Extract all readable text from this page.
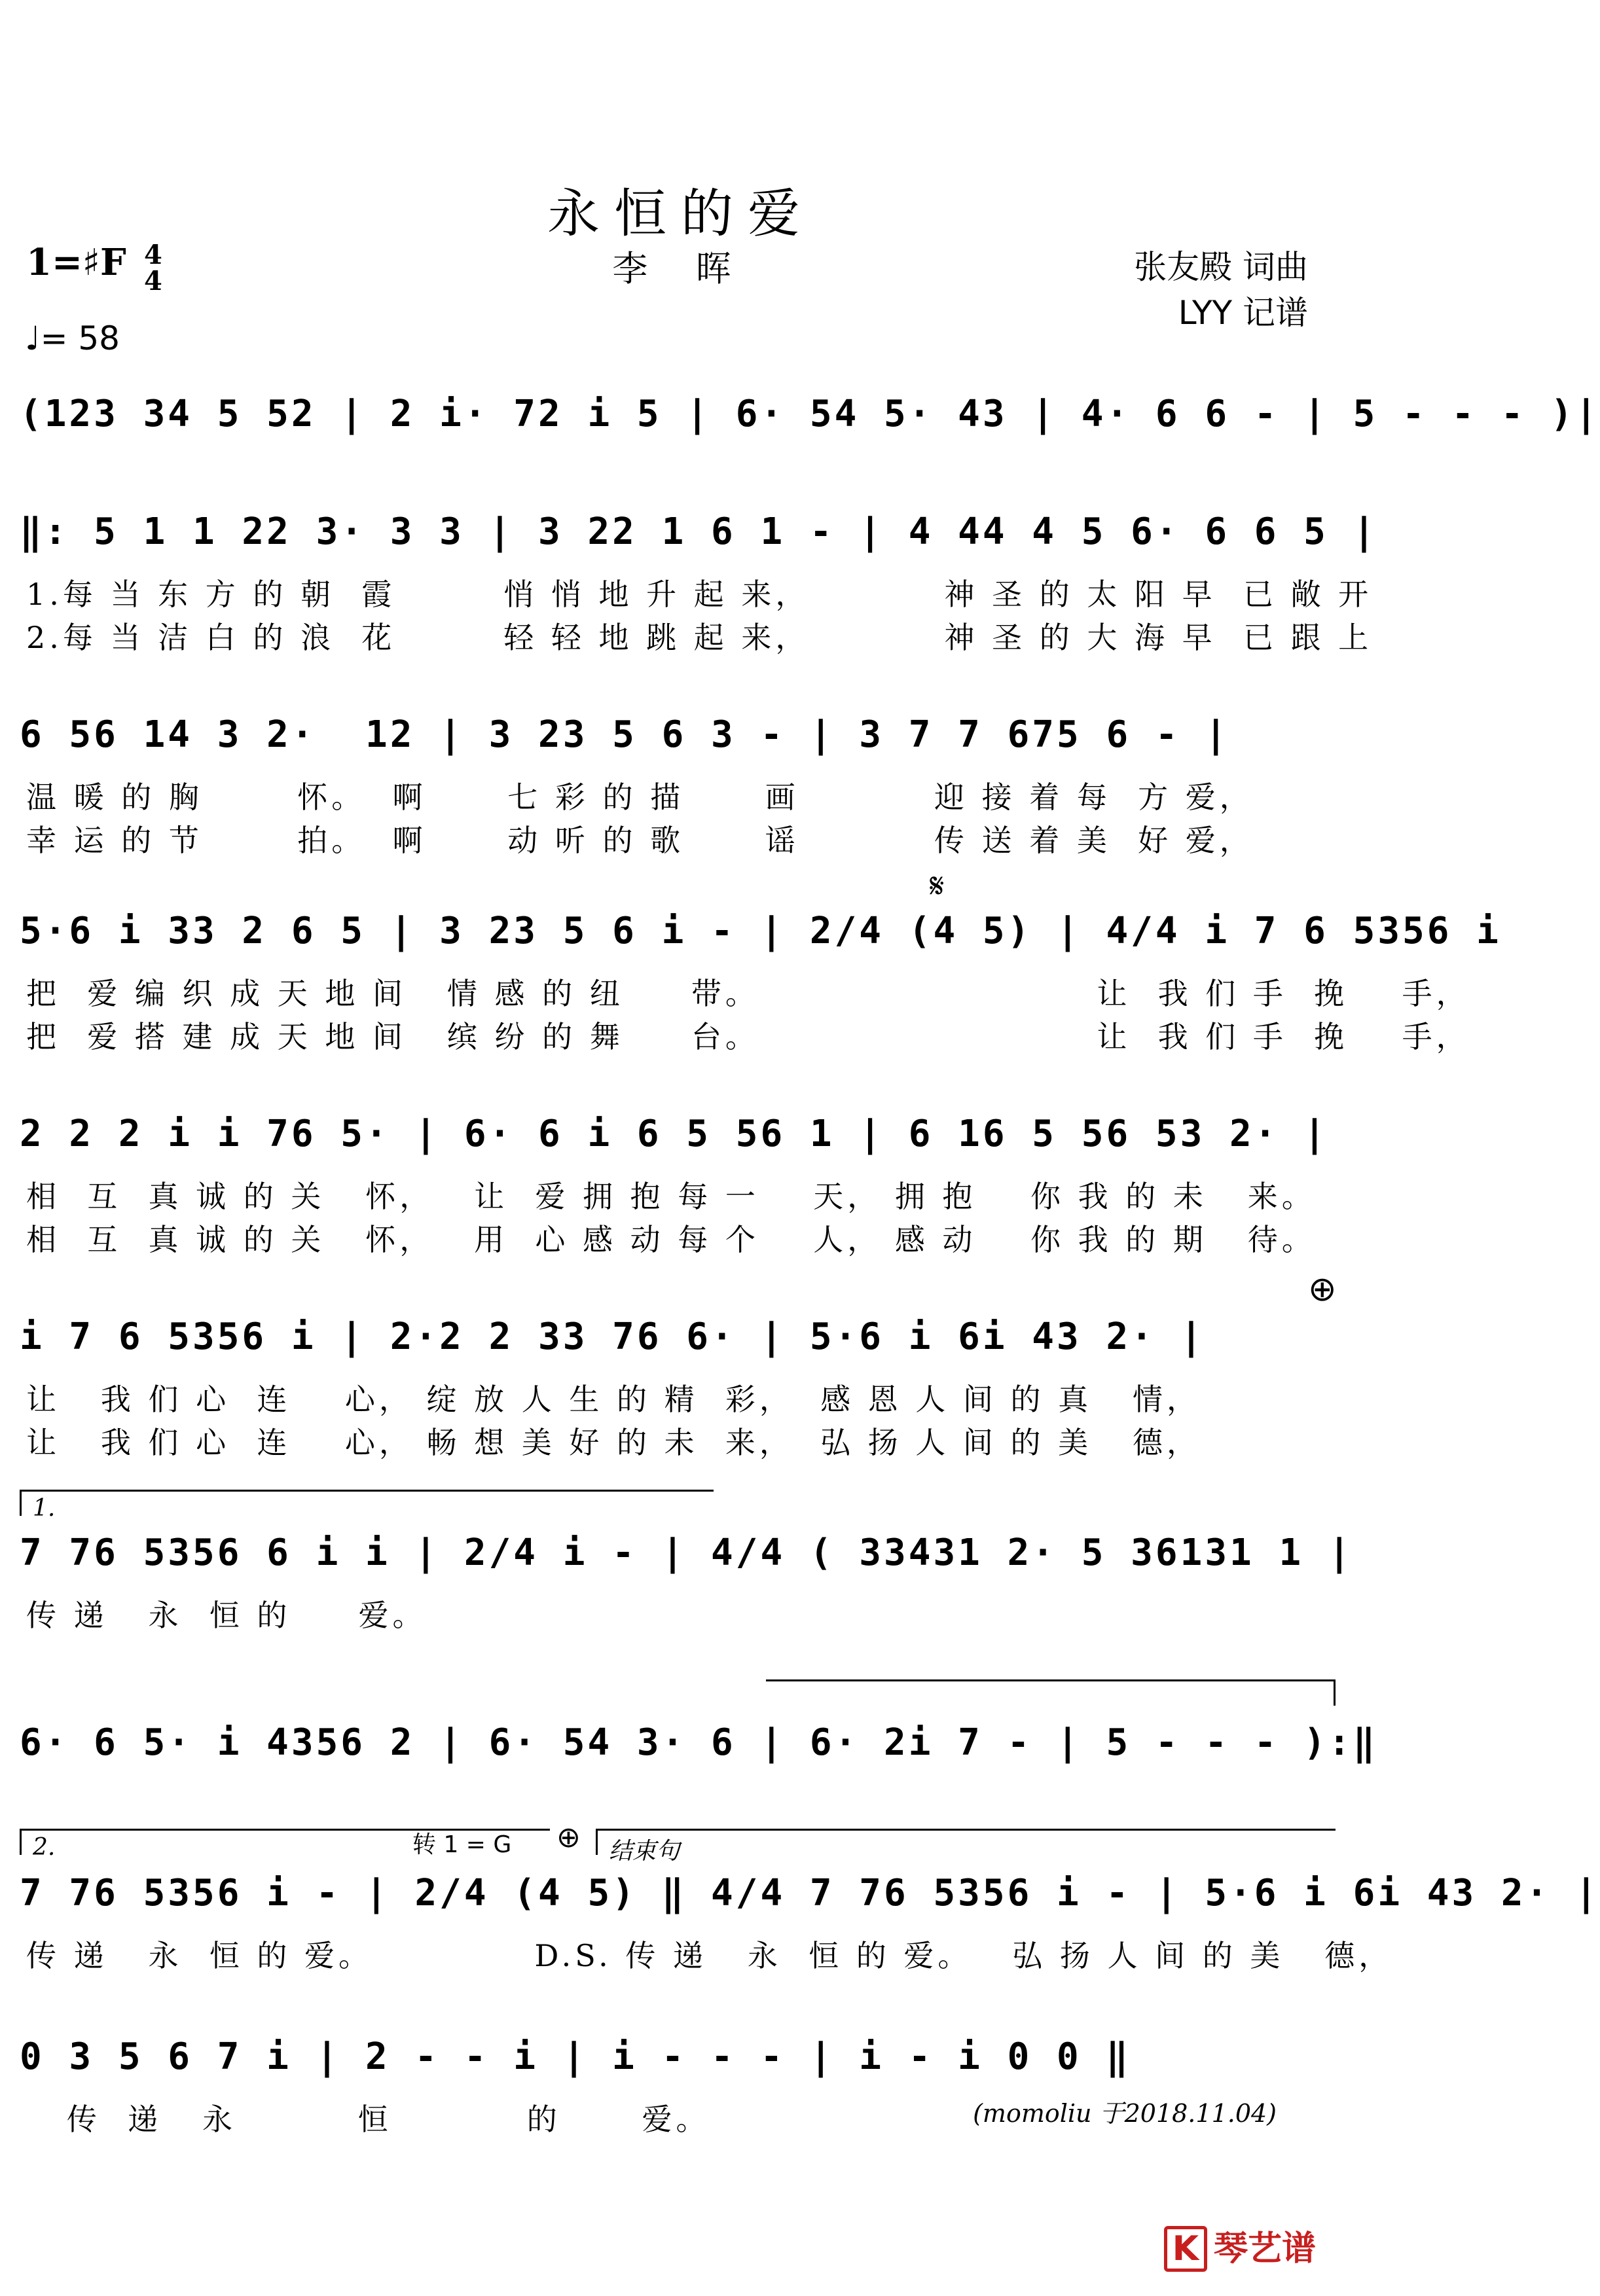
永恒的爱
李 晖
1=♯F 4
4
♩= 58
张友殿 词曲
LYY 记谱
(123 34 5 52 | 2 i· 72 i 5 | 6· 54 5· 43 | 4· 6 6 - | 5 - - - )|
‖: 5 1 1 22 3· 3 3 | 3 22 1 6 1 - | 4 44 4 5 6· 6 6 5 |
1.每 当 东 方 的 朝  霞        悄 悄 地 升 起 来，          神 圣 的 太 阳 早  已 敞 开
2.每 当 洁 白 的 浪  花        轻 轻 地 跳 起 来，          神 圣 的 大 海 早  已 跟 上
6 56 14 3 2·  12 | 3 23 5 6 3 - | 3 7 7 675 6 - |
温 暖 的 胸       怀。  啊      七 彩 的 描      画          迎 接 着 每  方 爱，
幸 运 的 节       拍。  啊      动 听 的 歌      谣          传 送 着 美  好 爱，
𝄋
5·6 i 33 2 6 5 | 3 23 5 6 i - | 2/4 (4 5) | 4/4 i 7 6 5356 i
把  爱 编 织 成 天 地 间   情 感 的 纽     带。                         让  我 们 手  挽    手，
把  爱 搭 建 成 天 地 间   缤 纷 的 舞     台。                         让  我 们 手  挽    手，
2 2 2 i i 76 5· | 6· 6 i 6 5 56 1 | 6 16 5 56 53 2· |
相  互  真 诚 的 关   怀，   让  爱 拥 抱 每 一    天， 拥 抱    你 我 的 未   来。
相  互  真 诚 的 关   怀，   用  心 感 动 每 个    人， 感 动    你 我 的 期   待。
⊕
i 7 6 5356 i | 2·2 2 33 76 6· | 5·6 i 6i 43 2· |
让   我 们 心  连    心， 绽 放 人 生 的 精  彩，  感 恩 人 间 的 真   情，
让   我 们 心  连    心， 畅 想 美 好 的 未  来，  弘 扬 人 间 的 美   德，
1.
7 76 5356 6 i i | 2/4 i - | 4/4 ( 33431 2· 5 36131 1 |
传 递   永  恒 的     爱。
6· 6 5· i 4356 2 | 6· 54 3· 6 | 6· 2i 7 - | 5 - - - ):‖
2.	转 1 = G ⊕ 结束句
7 76 5356 i - | 2/4 (4 5) ‖ 4/4 7 76 5356 i - | 5·6 i 6i 43 2· |
传 递   永  恒 的 爱。            D.S. 传 递   永  恒 的 爱。   弘 扬 人 间 的 美   德，
0 3 5 6 7 i | 2 - - i | i - - - | i - i 0 0 ‖
传  递   永         恒          的      爱。	(momoliu 于2018.11.04)
K 琴艺谱
